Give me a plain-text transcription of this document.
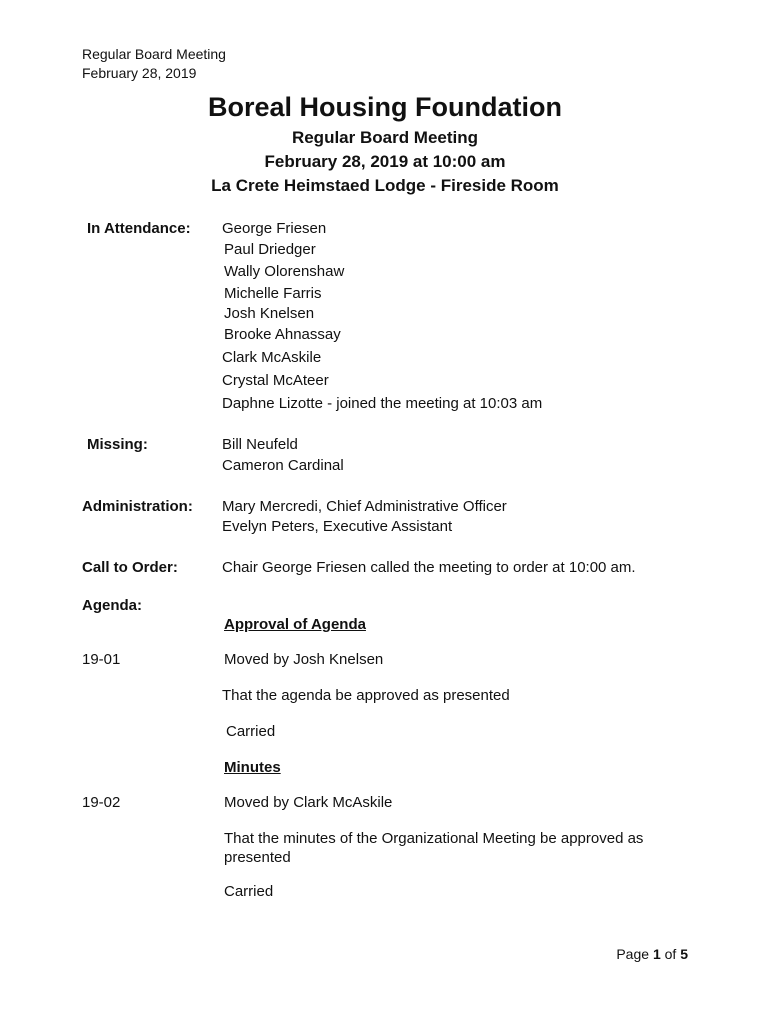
Regular Board Meeting
February 28, 2019
Boreal Housing Foundation
Regular Board Meeting
February 28, 2019 at 10:00 am
La Crete Heimstaed Lodge - Fireside Room
In Attendance: George Friesen
Paul Driedger
Wally Olorenshaw
Michelle Farris
Josh Knelsen
Brooke Ahnassay
Clark McAskile
Crystal McAteer
Daphne Lizotte - joined the meeting at 10:03 am
Missing:	Bill Neufeld
Cameron Cardinal
Administration: Mary Mercredi, Chief Administrative Officer
Evelyn Peters, Executive Assistant
Call to Order:	Chair George Friesen called the meeting to order at 10:00 am.
Agenda:
Approval of Agenda
19-01	Moved by Josh Knelsen
That the agenda be approved as presented
Carried
Minutes
19-02	Moved by Clark McAskile
That the minutes of the Organizational Meeting be approved as
presented
Carried
Page 1 of 5
